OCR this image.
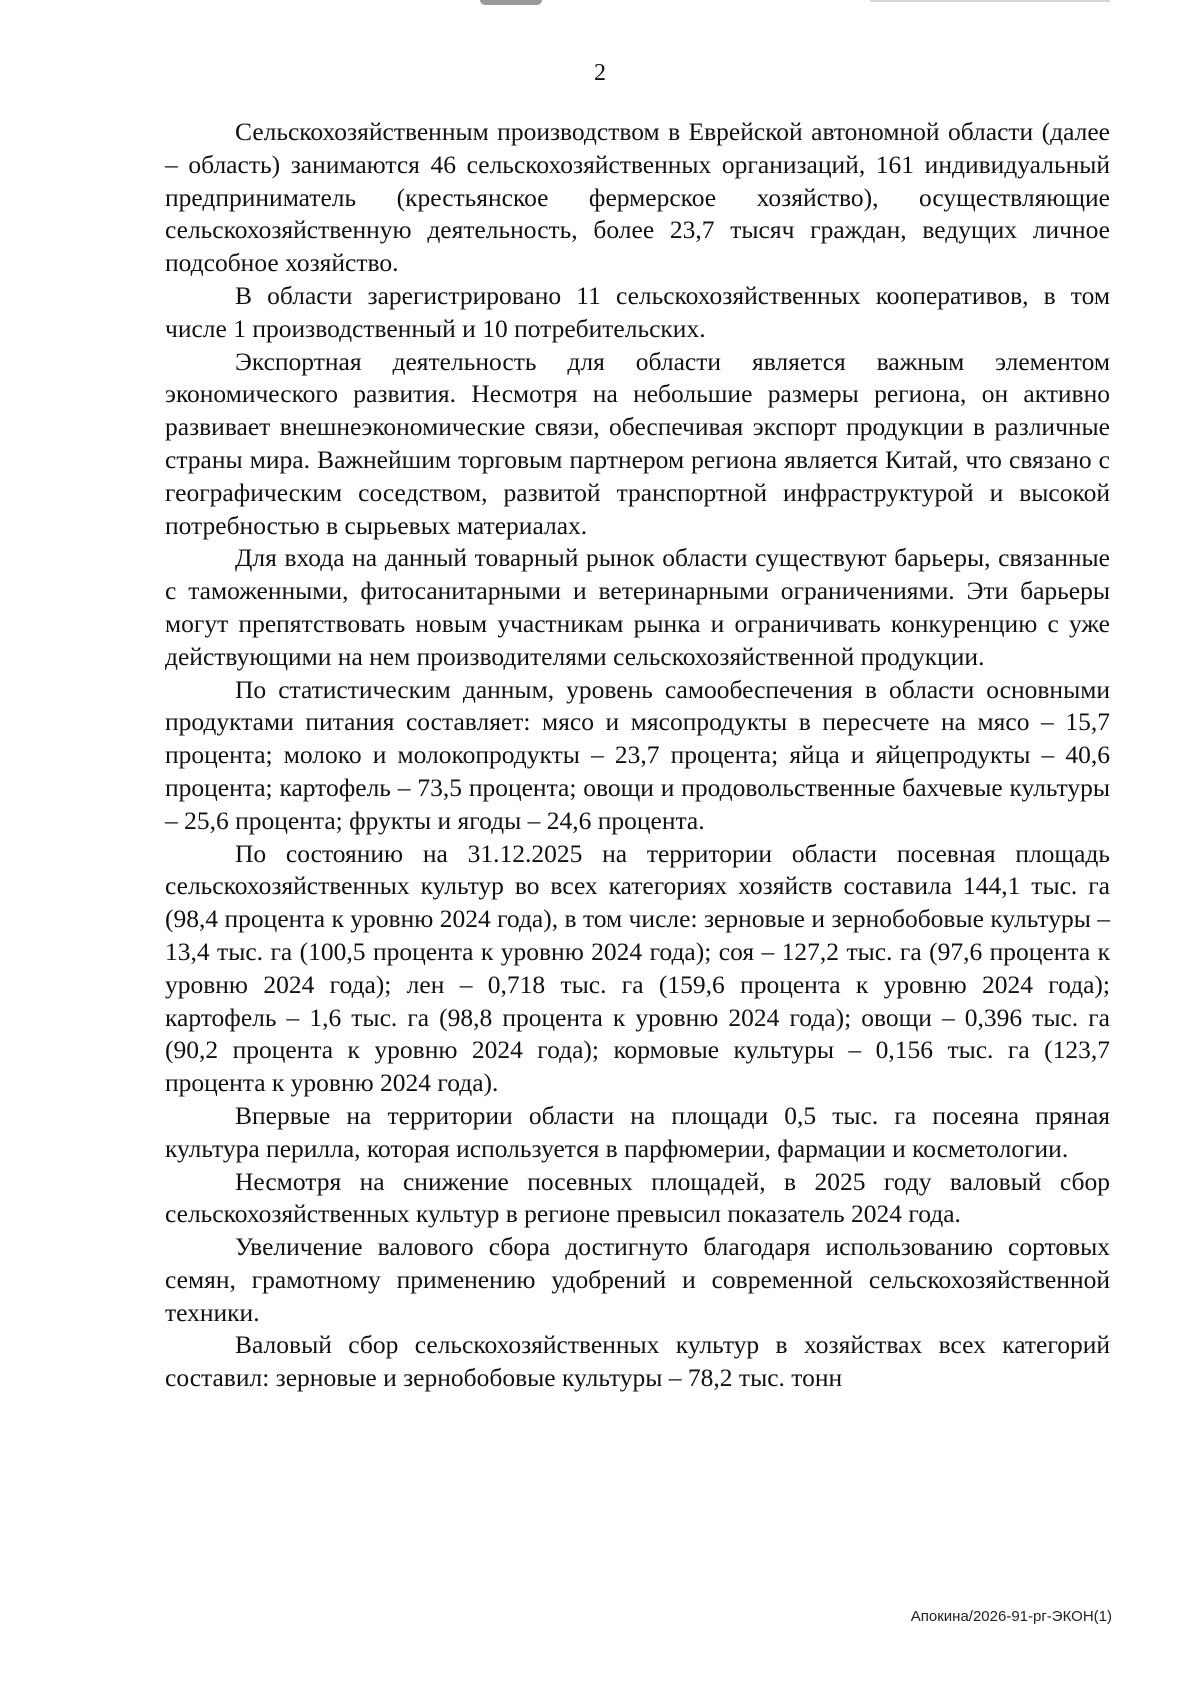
2

Сельскохозяйственным производством в Еврейской автономной области (далее – область) занимаются 46 сельскохозяйственных организаций, 161 индивидуальный предприниматель (крестьянское фермерское хозяйство), осуществляющие сельскохозяйственную деятельность, более 23,7 тысяч граждан, ведущих личное подсобное хозяйство.

В области зарегистрировано 11 сельскохозяйственных кооперативов, в том числе 1 производственный и 10 потребительских.

Экспортная деятельность для области является важным элементом экономического развития. Несмотря на небольшие размеры региона, он активно развивает внешнеэкономические связи, обеспечивая экспорт продукции в различные страны мира. Важнейшим торговым партнером региона является Китай, что связано с географическим соседством, развитой транспортной инфраструктурой и высокой потребностью в сырьевых материалах.

Для входа на данный товарный рынок области существуют барьеры, связанные с таможенными, фитосанитарными и ветеринарными ограничениями. Эти барьеры могут препятствовать новым участникам рынка и ограничивать конкуренцию с уже действующими на нем производителями сельскохозяйственной продукции.

По статистическим данным, уровень самообеспечения в области основными продуктами питания составляет: мясо и мясопродукты в пересчете на мясо – 15,7 процента; молоко и молокопродукты – 23,7 процента; яйца и яйцепродукты – 40,6 процента; картофель – 73,5 процента; овощи и продовольственные бахчевые культуры – 25,6 процента; фрукты и ягоды – 24,6 процента.

По состоянию на 31.12.2025 на территории области посевная площадь сельскохозяйственных культур во всех категориях хозяйств составила 144,1 тыс. га (98,4 процента к уровню 2024 года), в том числе: зерновые и зернобобовые культуры – 13,4 тыс. га (100,5 процента к уровню 2024 года); соя – 127,2 тыс. га (97,6 процента к уровню 2024 года); лен – 0,718 тыс. га (159,6 процента к уровню 2024 года); картофель – 1,6 тыс. га (98,8 процента к уровню 2024 года); овощи – 0,396 тыс. га (90,2 процента к уровню 2024 года); кормовые культуры – 0,156 тыс. га (123,7 процента к уровню 2024 года).

Впервые на территории области на площади 0,5 тыс. га посеяна пряная культура перилла, которая используется в парфюмерии, фармации и косметологии.

Несмотря на снижение посевных площадей, в 2025 году валовый сбор сельскохозяйственных культур в регионе превысил показатель 2024 года.

Увеличение валового сбора достигнуто благодаря использованию сортовых семян, грамотному применению удобрений и современной сельскохозяйственной техники.

Валовый сбор сельскохозяйственных культур в хозяйствах всех категорий составил: зерновые и зернобобовые культуры – 78,2 тыс. тонн

Апокина/2026-91-рг-ЭКОН(1)
